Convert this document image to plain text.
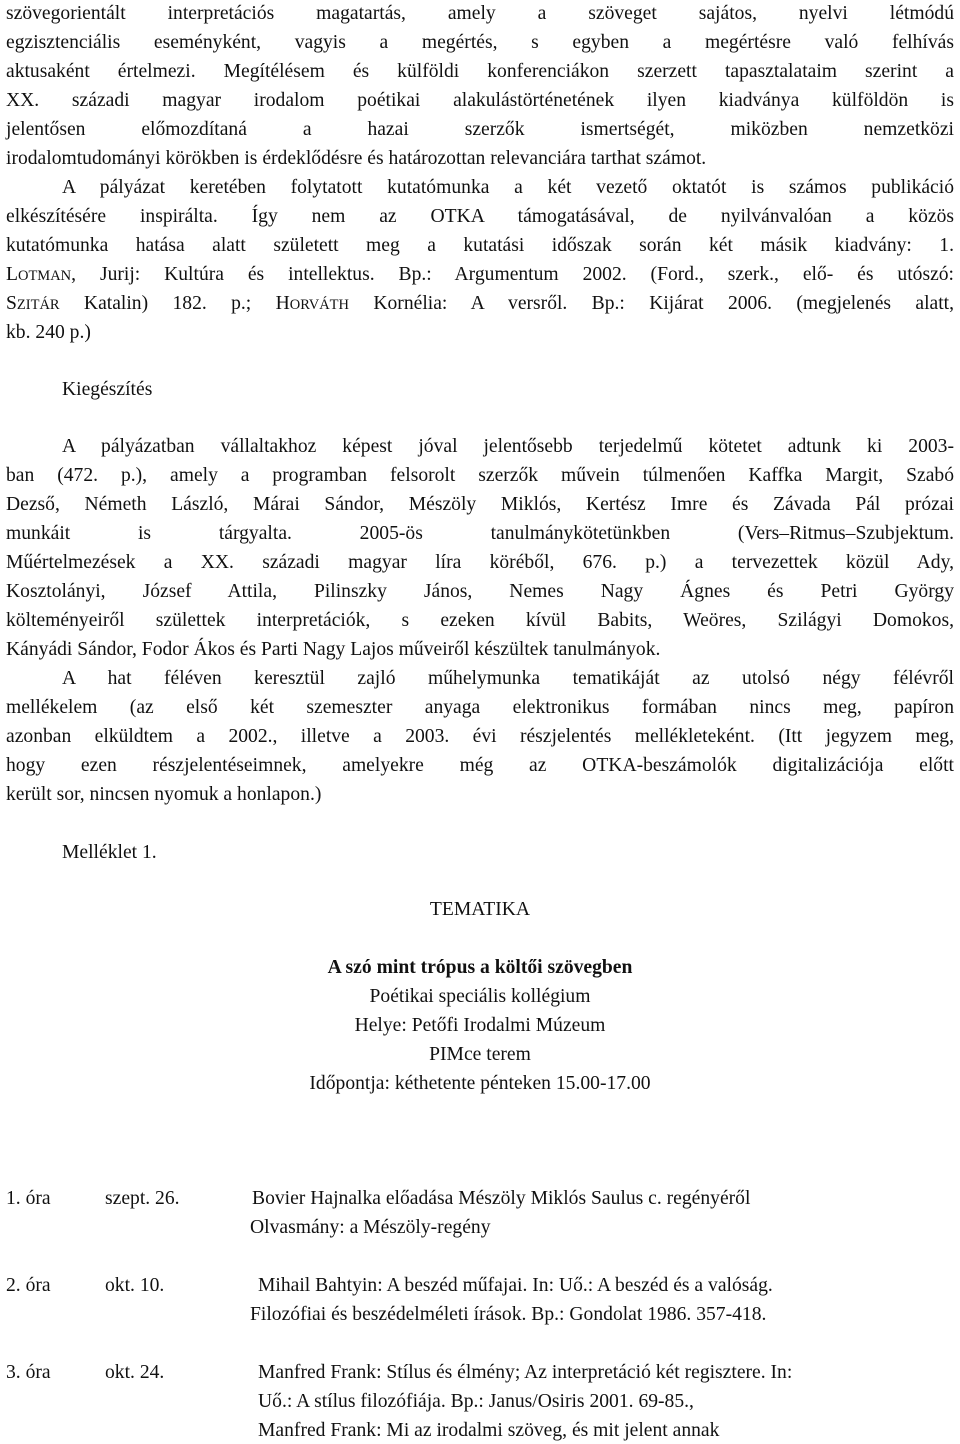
szövegorientált interpretációs magatartás, amely a szöveget sajátos, nyelvi létmódú
egzisztenciális eseményként, vagyis a megértés, s egyben a megértésre való felhívás
aktusaként értelmezi. Megítélésem és külföldi konferenciákon szerzett tapasztalataim szerint a
XX. századi magyar irodalom poétikai alakulástörténetének ilyen kiadványa külföldön is
jelentősen előmozdítaná a hazai szerzők ismertségét, miközben nemzetközi
irodalomtudományi körökben is érdeklődésre és határozottan relevanciára tarthat számot.
A pályázat keretében folytatott kutatómunka a két vezető oktatót is számos publikáció
elkészítésére inspirálta. Így nem az OTKA támogatásával, de nyilvánvalóan a közös
kutatómunka hatása alatt született meg a kutatási időszak során két másik kiadvány: 1.
LOTMAN, Jurij: Kultúra és intellektus. Bp.: Argumentum 2002. (Ford., szerk., elő- és utószó:
SZITÁR Katalin) 182. p.; HORVÁTH Kornélia: A versről. Bp.: Kijárat 2006. (megjelenés alatt,
kb. 240 p.)
Kiegészítés
A pályázatban vállaltakhoz képest jóval jelentősebb terjedelmű kötetet adtunk ki 2003-
ban (472. p.), amely a programban felsorolt szerzők művein túlmenően Kaffka Margit, Szabó
Dezső, Németh László, Márai Sándor, Mészöly Miklós, Kertész Imre és Závada Pál prózai
munkáit is tárgyalta. 2005-ös tanulmánykötetünkben (Vers–Ritmus–Szubjektum.
Műértelmezések a XX. századi magyar líra köréből, 676. p.) a tervezettek közül Ady,
Kosztolányi, József Attila, Pilinszky János, Nemes Nagy Ágnes és Petri György
költeményeiről születtek interpretációk, s ezeken kívül Babits, Weöres, Szilágyi Domokos,
Kányádi Sándor, Fodor Ákos és Parti Nagy Lajos műveiről készültek tanulmányok.
A hat féléven keresztül zajló műhelymunka tematikáját az utolsó négy félévről
mellékelem (az első két szemeszter anyaga elektronikus formában nincs meg, papíron
azonban elküldtem a 2002., illetve a 2003. évi részjelentés mellékleteként. (Itt jegyzem meg,
hogy ezen részjelentéseimnek, amelyekre még az OTKA-beszámolók digitalizációja előtt
került sor, nincsen nyomuk a honlapon.)
Melléklet 1.
TEMATIKA
A szó mint trópus a költői szövegben
Poétikai speciális kollégium
Helye: Petőfi Irodalmi Múzeum
PIMce terem
Időpontja: kéthetente pénteken 15.00-17.00
1. óra	szept. 26.	Bovier Hajnalka előadása Mészöly Miklós Saulus c. regényéről
Olvasmány: a Mészöly-regény
2. óra	okt. 10.	Mihail Bahtyin: A beszéd műfajai. In: Uő.: A beszéd és a valóság.
Filozófiai és beszédelméleti írások. Bp.: Gondolat 1986. 357-418.
3. óra	okt. 24.	Manfred Frank: Stílus és élmény; Az interpretáció két regisztere. In:
Uő.: A stílus filozófiája. Bp.: Janus/Osiris 2001. 69-85.,
Manfred Frank: Mi az irodalmi szöveg, és mit jelent annak
